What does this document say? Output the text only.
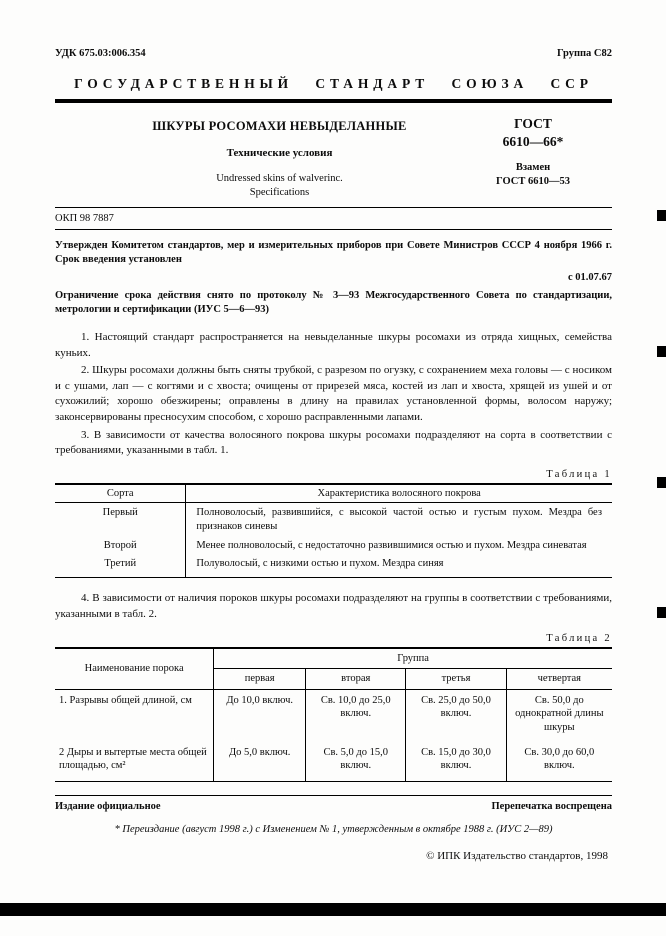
УДК 675.03:006.354	Группа С82
ГОСУДАРСТВЕННЫЙ СТАНДАРТ СОЮЗА ССР
ШКУРЫ РОСОМАХИ НЕВЫДЕЛАННЫЕ
Технические условия
Undressed skins of walverinc.
Specifications
ГОСТ
6610—66*
Взамен
ГОСТ 6610—53
ОКП 98 7887

Утвержден Комитетом стандартов, мер и измерительных приборов при Совете Министров СССР 4 ноября 1966 г. Срок введения установлен

с 01.07.67

Ограничение срока действия снято по протоколу № 3—93 Межгосударственного Совета по стандартизации, метрологии и сертификации (ИУС 5—6—93)

1. Настоящий стандарт распространяется на невыделанные шкуры росомахи из отряда хищных, семейства куньих.

2. Шкуры росомахи должны быть сняты трубкой, с разрезом по огузку, с сохранением меха головы — с носиком и с ушами, лап — с когтями и с хвоста; очищены от прирезей мяса, костей из лап и хвоста, хрящей из ушей и от сухожилий; хорошо обезжирены; оправлены в длину на правилах установленной формы, волосом наружу; законсервированы пресносухим способом, с хорошо расправленными лапами.

3. В зависимости от качества волосяного покрова шкуры росомахи подразделяют на сорта в соответствии с требованиями, указанными в табл. 1.

Таблица 1
Сорта	Характеристика волосяного покрова
Первый	Полноволосый, развившийся, с высокой частой остью и густым пухом. Мездра без признаков синевы
Второй	Менее полноволосый, с недостаточно развившимися остью и пухом. Мездра синеватая
Третий	Полуволосый, с низкими остью и пухом. Мездра синяя

4. В зависимости от наличия пороков шкуры росомахи подразделяют на группы в соответствии с требованиями, указанными в табл. 2.

Таблица 2
Наименование порока	Группа			
	первая	вторая	третья	четвертая
1. Разрывы общей длиной, см	До 10,0 включ.	Св. 10,0 до 25,0 включ.	Св. 25,0 до 50,0 включ.	Св. 50,0 до однократной длины шкуры
2 Дыры и вытертые места общей площадью, см²	До 5,0 включ.	Св. 5,0 до 15,0 включ.	Св. 15,0 до 30,0 включ.	Св. 30,0 до 60,0 включ.
Издание официальное	Перепечатка воспрещена
* Переиздание (август 1998 г.) с Изменением № 1, утвержденным в октябре 1988 г. (ИУС 2—89)
© ИПК Издательство стандартов, 1998
